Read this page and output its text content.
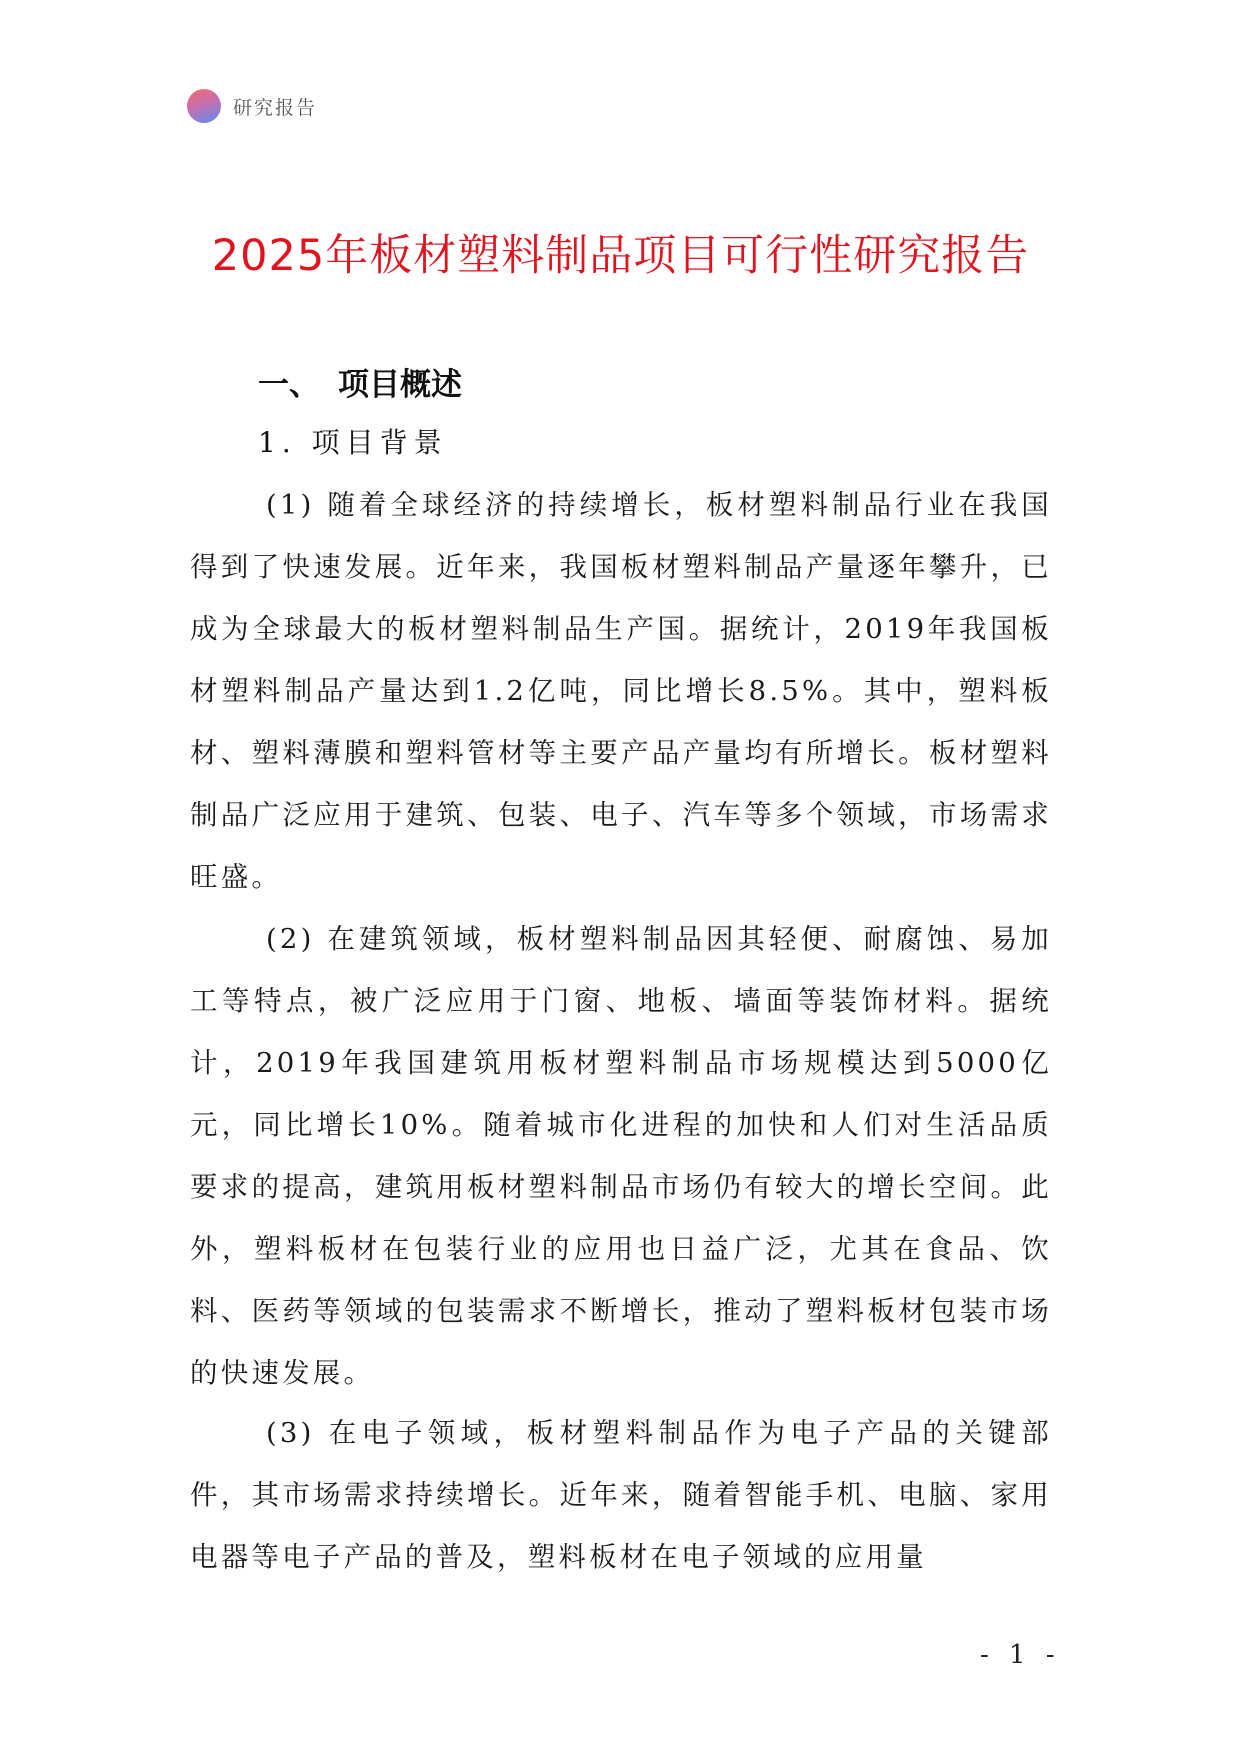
研究报告
2025年板材塑料制品项目可行性研究报告
一、 项目概述
1. 项目背景

(1) 随着全球经济的持续增长，板材塑料制品行业在我国得到了快速发展。近年来，我国板材塑料制品产量逐年攀升，已成为全球最大的板材塑料制品生产国。据统计，2019年我国板材塑料制品产量达到1.2亿吨，同比增长8.5%。其中，塑料板材、塑料薄膜和塑料管材等主要产品产量均有所增长。板材塑料制品广泛应用于建筑、包装、电子、汽车等多个领域，市场需求旺盛。

(2) 在建筑领域，板材塑料制品因其轻便、耐腐蚀、易加工等特点，被广泛应用于门窗、地板、墙面等装饰材料。据统计，2019年我国建筑用板材塑料制品市场规模达到5000亿元，同比增长10%。随着城市化进程的加快和人们对生活品质要求的提高，建筑用板材塑料制品市场仍有较大的增长空间。此外，塑料板材在包装行业的应用也日益广泛，尤其在食品、饮料、医药等领域的包装需求不断增长，推动了塑料板材包装市场的快速发展。

(3) 在电子领域，板材塑料制品作为电子产品的关键部件，其市场需求持续增长。近年来，随着智能手机、电脑、家用电器等电子产品的普及，塑料板材在电子领域的应用量

- 1 -
